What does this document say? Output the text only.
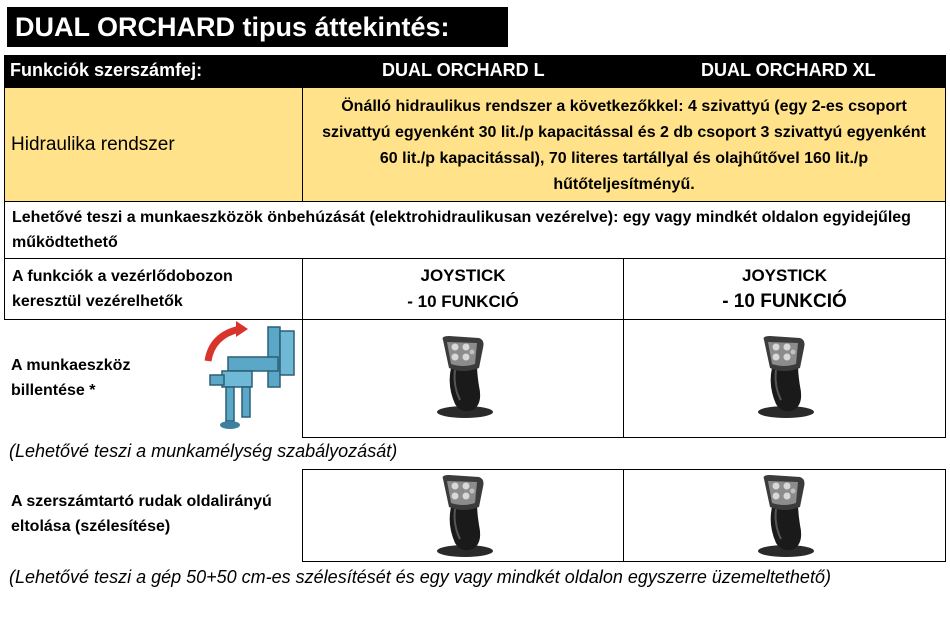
DUAL ORCHARD tipus áttekintés:
Funkciók szerszámfej:	DUAL ORCHARD L	DUAL ORCHARD XL
Hidraulika rendszer
Önálló hidraulikus rendszer a következőkkel: 4 szivattyú (egy 2-es csoport szivattyú egyenként 30 lit./p kapacitással és 2 db csoport 3 szivattyú egyenként 60 lit./p kapacitással), 70 literes tartállyal és olajhűtővel 160 lit./p hűtőteljesítményű.
Lehetővé teszi a munkaeszközök önbehúzását (elektrohidraulikusan vezérelve): egy vagy mindkét oldalon egyidejűleg működtethető
A funkciók a vezérlődobozon keresztül vezérelhetők
JOYSTICK
- 10 FUNKCIÓ
JOYSTICK
- 10 FUNKCIÓ
A munkaeszköz billentése *
(Lehetővé teszi a munkamélység szabályozását)
A szerszámtartó rudak oldalirányú eltolása (szélesítése)
(Lehetővé teszi a gép 50+50 cm-es szélesítését és egy vagy mindkét oldalon egyszerre üzemeltethető)
